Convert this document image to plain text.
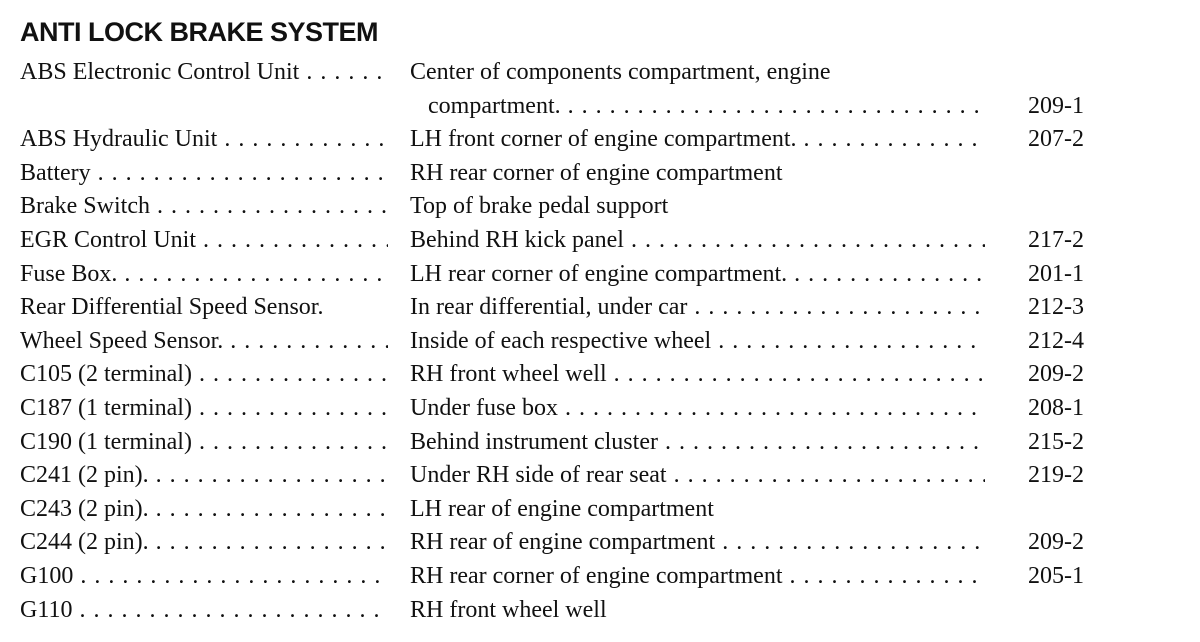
ANTI LOCK BRAKE SYSTEM
ABS Electronic Control Unit . . .	Center of components compartment, engine
compartment. . . .	209-1
ABS Hydraulic Unit . . .	LH front corner of engine compartment. . . .	207-2
Battery . . .	RH rear corner of engine compartment
Brake Switch . . .	Top of brake pedal support
EGR Control Unit . . .	Behind RH kick panel . . .	217-2
Fuse Box. . . .	LH rear corner of engine compartment. . . .	201-1
Rear Differential Speed Sensor.	In rear differential, under car . . .	212-3
Wheel Speed Sensor. . . .	Inside of each respective wheel . . .	212-4
C105 (2 terminal) . . .	RH front wheel well . . .	209-2
C187 (1 terminal) . . .	Under fuse box . . .	208-1
C190 (1 terminal) . . .	Behind instrument cluster . . .	215-2
C241 (2 pin). . . .	Under RH side of rear seat . . .	219-2
C243 (2 pin). . . .	LH rear of engine compartment
C244 (2 pin). . . .	RH rear of engine compartment . . .	209-2
G100 . . .	RH rear corner of engine compartment . . .	205-1
G110 . . .	RH front wheel well
